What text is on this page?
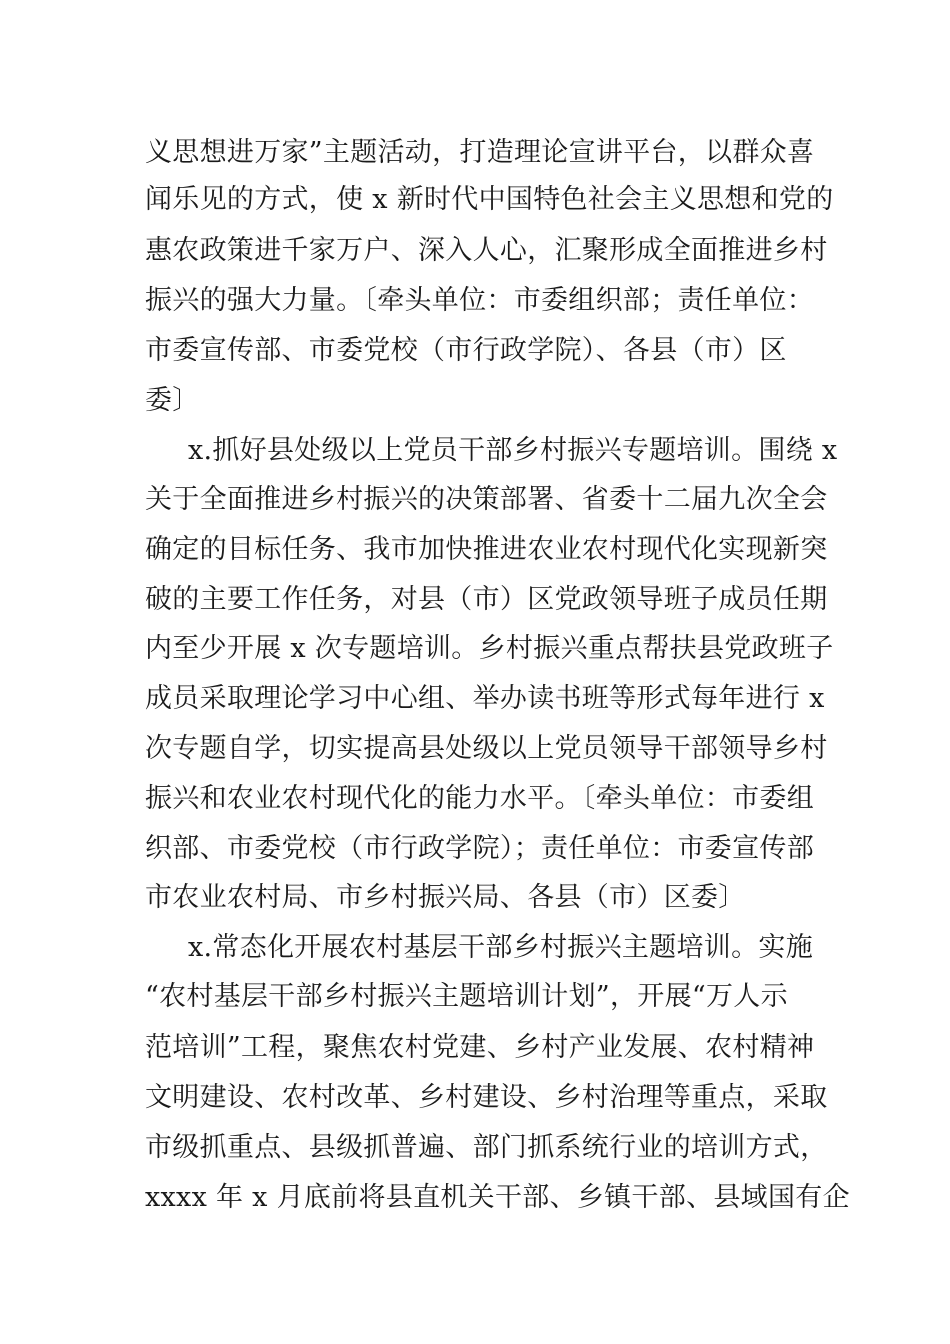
义思想进万家”主题活动，打造理论宣讲平台，以群众喜
闻乐见的方式，使 x 新时代中国特色社会主义思想和党的
惠农政策进千家万户、深入人心，汇聚形成全面推进乡村
振兴的强大力量。〔牵头单位：市委组织部；责任单位：
市委宣传部、市委党校（市行政学院）、各县（市）区
委〕
x.抓好县处级以上党员干部乡村振兴专题培训。围绕 x
关于全面推进乡村振兴的决策部署、省委十二届九次全会
确定的目标任务、我市加快推进农业农村现代化实现新突
破的主要工作任务，对县（市）区党政领导班子成员任期
内至少开展 x 次专题培训。乡村振兴重点帮扶县党政班子
成员采取理论学习中心组、举办读书班等形式每年进行 x
次专题自学，切实提高县处级以上党员领导干部领导乡村
振兴和农业农村现代化的能力水平。〔牵头单位：市委组
织部、市委党校（市行政学院）；责任单位：市委宣传部
市农业农村局、市乡村振兴局、各县（市）区委〕
x.常态化开展农村基层干部乡村振兴主题培训。实施
“农村基层干部乡村振兴主题培训计划”，开展“万人示
范培训”工程，聚焦农村党建、乡村产业发展、农村精神
文明建设、农村改革、乡村建设、乡村治理等重点，采取
市级抓重点、县级抓普遍、部门抓系统行业的培训方式，
xxxx 年 x 月底前将县直机关干部、乡镇干部、县域国有企
